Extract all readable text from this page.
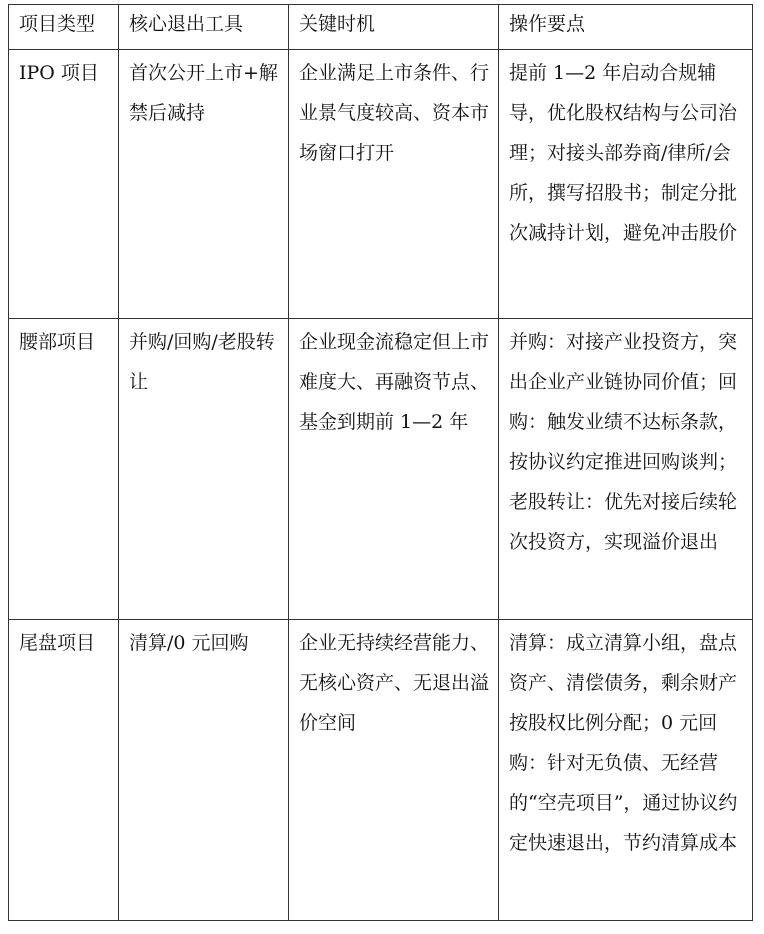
项目类型	核心退出工具	关键时机	操作要点
IPO 项目	首次公开上市+解禁后减持	企业满足上市条件、行业景气度较高、资本市场窗口打开	提前 1—2 年启动合规辅导，优化股权结构与公司治理；对接头部券商/律所/会所，撰写招股书；制定分批次减持计划，避免冲击股价
腰部项目	并购/回购/老股转让	企业现金流稳定但上市难度大、再融资节点、基金到期前 1—2 年	并购：对接产业投资方，突出企业产业链协同价值；回购：触发业绩不达标条款，按协议约定推进回购谈判；老股转让：优先对接后续轮次投资方，实现溢价退出
尾盘项目	清算/0 元回购	企业无持续经营能力、无核心资产、无退出溢价空间	清算：成立清算小组，盘点资产、清偿债务，剩余财产按股权比例分配；0 元回购：针对无负债、无经营的“空壳项目”，通过协议约定快速退出，节约清算成本
